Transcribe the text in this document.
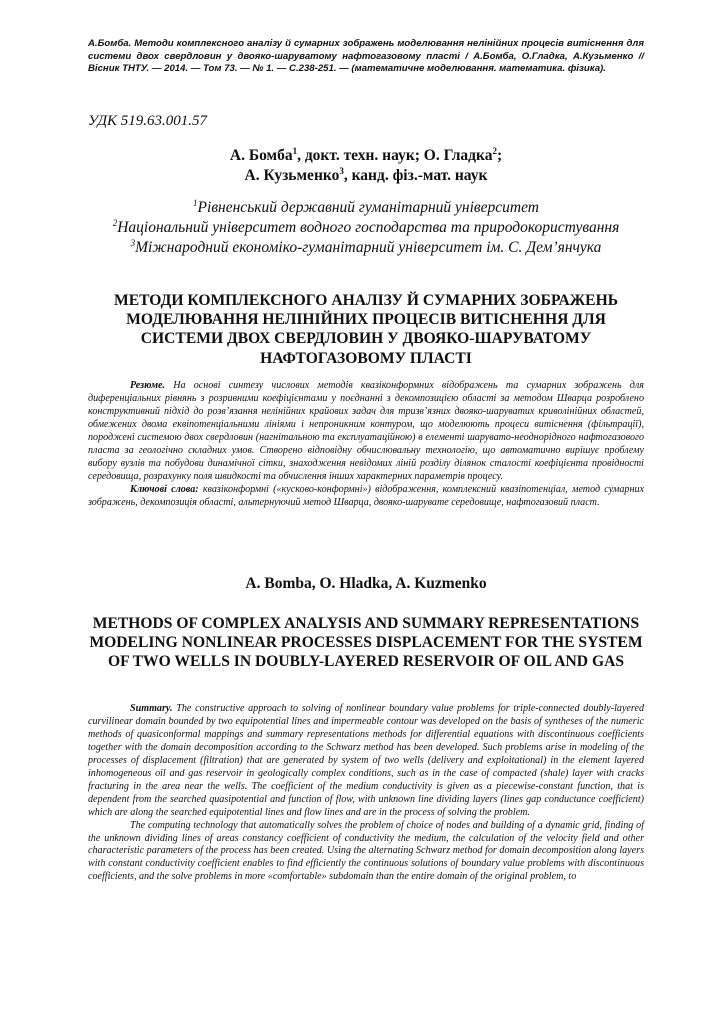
А.Бомба. Методи комплексного аналізу й сумарних зображень моделювання нелінійних процесів витіснення для системи двох свердловин у двояко-шаруватому нафтогазовому пласті / А.Бомба, О.Гладка, А.Кузьменко // Вісник ТНТУ. — 2014. — Том 73. — № 1. — С.238-251. — (математичне моделювання. математика. фізика).
УДК 519.63.001.57
А. Бомба$^1$, докт. техн. наук; О. Гладка$^2$;
А. Кузьменко$^3$, канд. фіз.-мат. наук
$^1$Рівненський державний гуманітарний університет
$^2$Національний університет водного господарства та природокористування
$^3$Міжнародний економіко-гуманітарний університет ім. С. Дем’янчука
МЕТОДИ КОМПЛЕКСНОГО АНАЛІЗУ Й СУМАРНИХ ЗОБРАЖЕНЬ МОДЕЛЮВАННЯ НЕЛІНІЙНИХ ПРОЦЕСІВ ВИТІСНЕННЯ ДЛЯ СИСТЕМИ ДВОХ СВЕРДЛОВИН У ДВОЯКО-ШАРУВАТОМУ НАФТОГАЗОВОМУ ПЛАСТІ

Резюме. На основі синтезу числових методів квазіконформних відображень та сумарних зображень для диференціальних рівнянь з розривними коефіцієнтами у поєднанні з декомпозицією області за методом Шварца розроблено конструктивний підхід до розв’язання нелінійних крайових задач для тризв’язних двояко-шаруватих криволінійних областей, обмежених двома еквіпотенціальними лініями і непроникним контуром, що моделюють процеси витіснення (фільтрації), породжені системою двох свердловин (нагнітальною та експлуатаційною) в елементі шарувато-неоднорідного нафтогазового пласта за геологічно складних умов. Створено відповідну обчислювальну технологію, що автоматично вирішує проблему вибору вузлів та побудови динамічної сітки, знаходження невідомих ліній розділу ділянок сталості коефіцієнта провідності середовища, розрахунку поля швидкості та обчислення інших характерних параметрів процесу.

Ключові слова: квазіконформні («кусково-конформні») відображення, комплексний квазіпотенціал, метод сумарних зображень, декомпозиція області, альтернуючий метод Шварца, двояко-шарувате середовище, нафтогазовий пласт.

A. Bomba, O. Hladka, A. Kuzmenko
METHODS OF COMPLEX ANALYSIS AND SUMMARY REPRESENTATIONS MODELING NONLINEAR PROCESSES DISPLACEMENT FOR THE SYSTEM OF TWO WELLS IN DOUBLY-LAYERED RESERVOIR OF OIL AND GAS

Summary. The constructive approach to solving of nonlinear boundary value problems for triple-connected doubly-layered curvilinear domain bounded by two equipotential lines and impermeable contour was developed on the basis of syntheses of the numeric methods of quasiconformal mappings and summary representations methods for differential equations with discontinuous coefficients together with the domain decomposition according to the Schwarz method has been developed. Such problems arise in modeling of the processes of displacement (filtration) that are generated by system of two wells (delivery and exploitational) in the element layered inhomogeneous oil and gas reservoir in geologically complex conditions, such as in the case of compacted (shale) layer with cracks fracturing in the area near the wells. The coefficient of the medium conductivity is given as a piecewise-constant function, that is dependent from the searched quasipotential and function of flow, with unknown line dividing layers (lines gap conductance coefficient) which are along the searched equipotential lines and flow lines and are in the process of solving the problem.

The computing technology that automatically solves the problem of choice of nodes and building of a dynamic grid, finding of the unknown dividing lines of areas constancy coefficient of conductivity the medium, the calculation of the velocity field and other characteristic parameters of the process has been created. Using the alternating Schwarz method for domain decomposition along layers with constant conductivity coefficient enables to find efficiently the continuous solutions of boundary value problems with discontinuous coefficients, and the solve problems in more «comfortable» subdomain than the entire domain of the original problem, to
